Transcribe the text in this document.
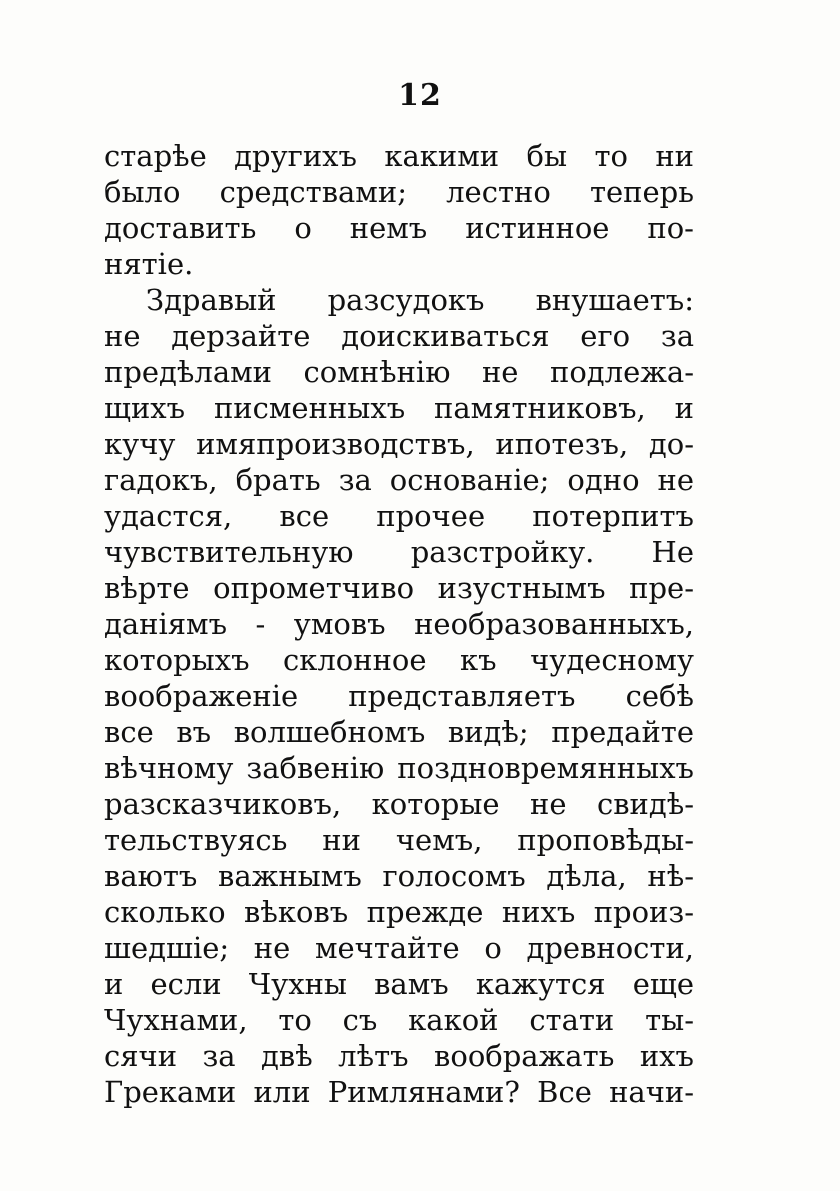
12
старѣе другихъ какими бы то ни
было средствами; лестно теперь
доставить о немъ истинное по-
нятіе.
Здравый разсудокъ внушаетъ:
не дерзайте доискиваться его за
предѣлами сомнѣнію не подлежа-
щихъ писменныхъ памятниковъ, и
кучу имяпроизводствъ, ипотезъ, до-
гадокъ, брать за основаніе; одно не
удастся, все прочее потерпитъ
чувствительную разстройку. Не
вѣрте опрометчиво изустнымъ пре-
даніямъ - умовъ необразованныхъ,
которыхъ склонное къ чудесному
воображеніе представляетъ себѣ
все въ волшебномъ видѣ; предайте
вѣчному забвенію поздновремянныхъ
разсказчиковъ, которые не свидѣ-
тельствуясь ни чемъ, проповѣды-
ваютъ важнымъ голосомъ дѣла, нѣ-
сколько вѣковъ прежде нихъ произ-
шедшіе; не мечтайте о древности,
и если Чухны вамъ кажутся еще
Чухнами, то съ какой стати ты-
сячи за двѣ лѣтъ воображать ихъ
Греками или Римлянами? Все начи-
